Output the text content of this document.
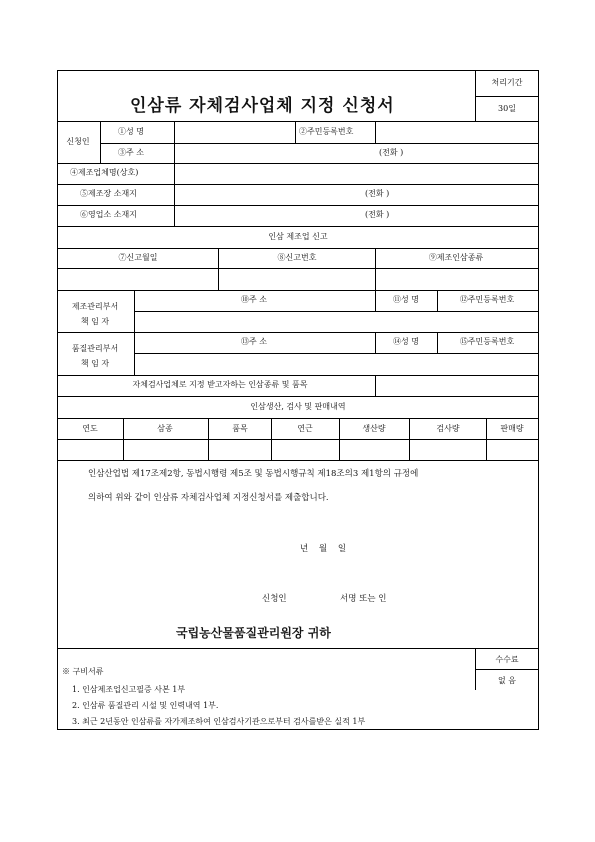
인삼류 자체검사업체 지정 신청서
처리기간
30일
신청인
①성 명	②주민등록번호
③주 소	(전화 )
④제조업체명(상호)
⑤제조장 소재지	(전화 )
⑥영업소 소재지	(전화 )
인삼 제조업 신고
⑦신고월일	⑧신고번호	⑨제조인삼종류
제조관리부서
책 임 자
⑩주 소	⑪성 명	⑫주민등록번호
품질관리부서
책 임 자
⑬주 소	⑭성 명	⑮주민등록번호
자체검사업체로 지정 받고자하는 인삼종류 및 품목
인삼생산, 검사 및 판매내역
연도	삼종	품목	연근	생산량	검사량	판매량
인삼산업법 제17조제2항, 동법시행령 제5조 및 동법시행규칙 제18조의3 제1항의 규정에
의하여 위와 같이 인삼류 자체검사업체 지정신청서를 제출합니다.
년 월 일
신청인	서명 또는 인
국립농산물품질관리원장 귀하
※ 구비서류
1. 인삼제조업신고필증 사본 1부
2. 인삼류 품질관리 시설 및 인력내역 1부.
3. 최근 2년동안 인삼류를 자가제조하여 인삼검사기관으로부터 검사를받은 실적 1부
수수료
없 음
